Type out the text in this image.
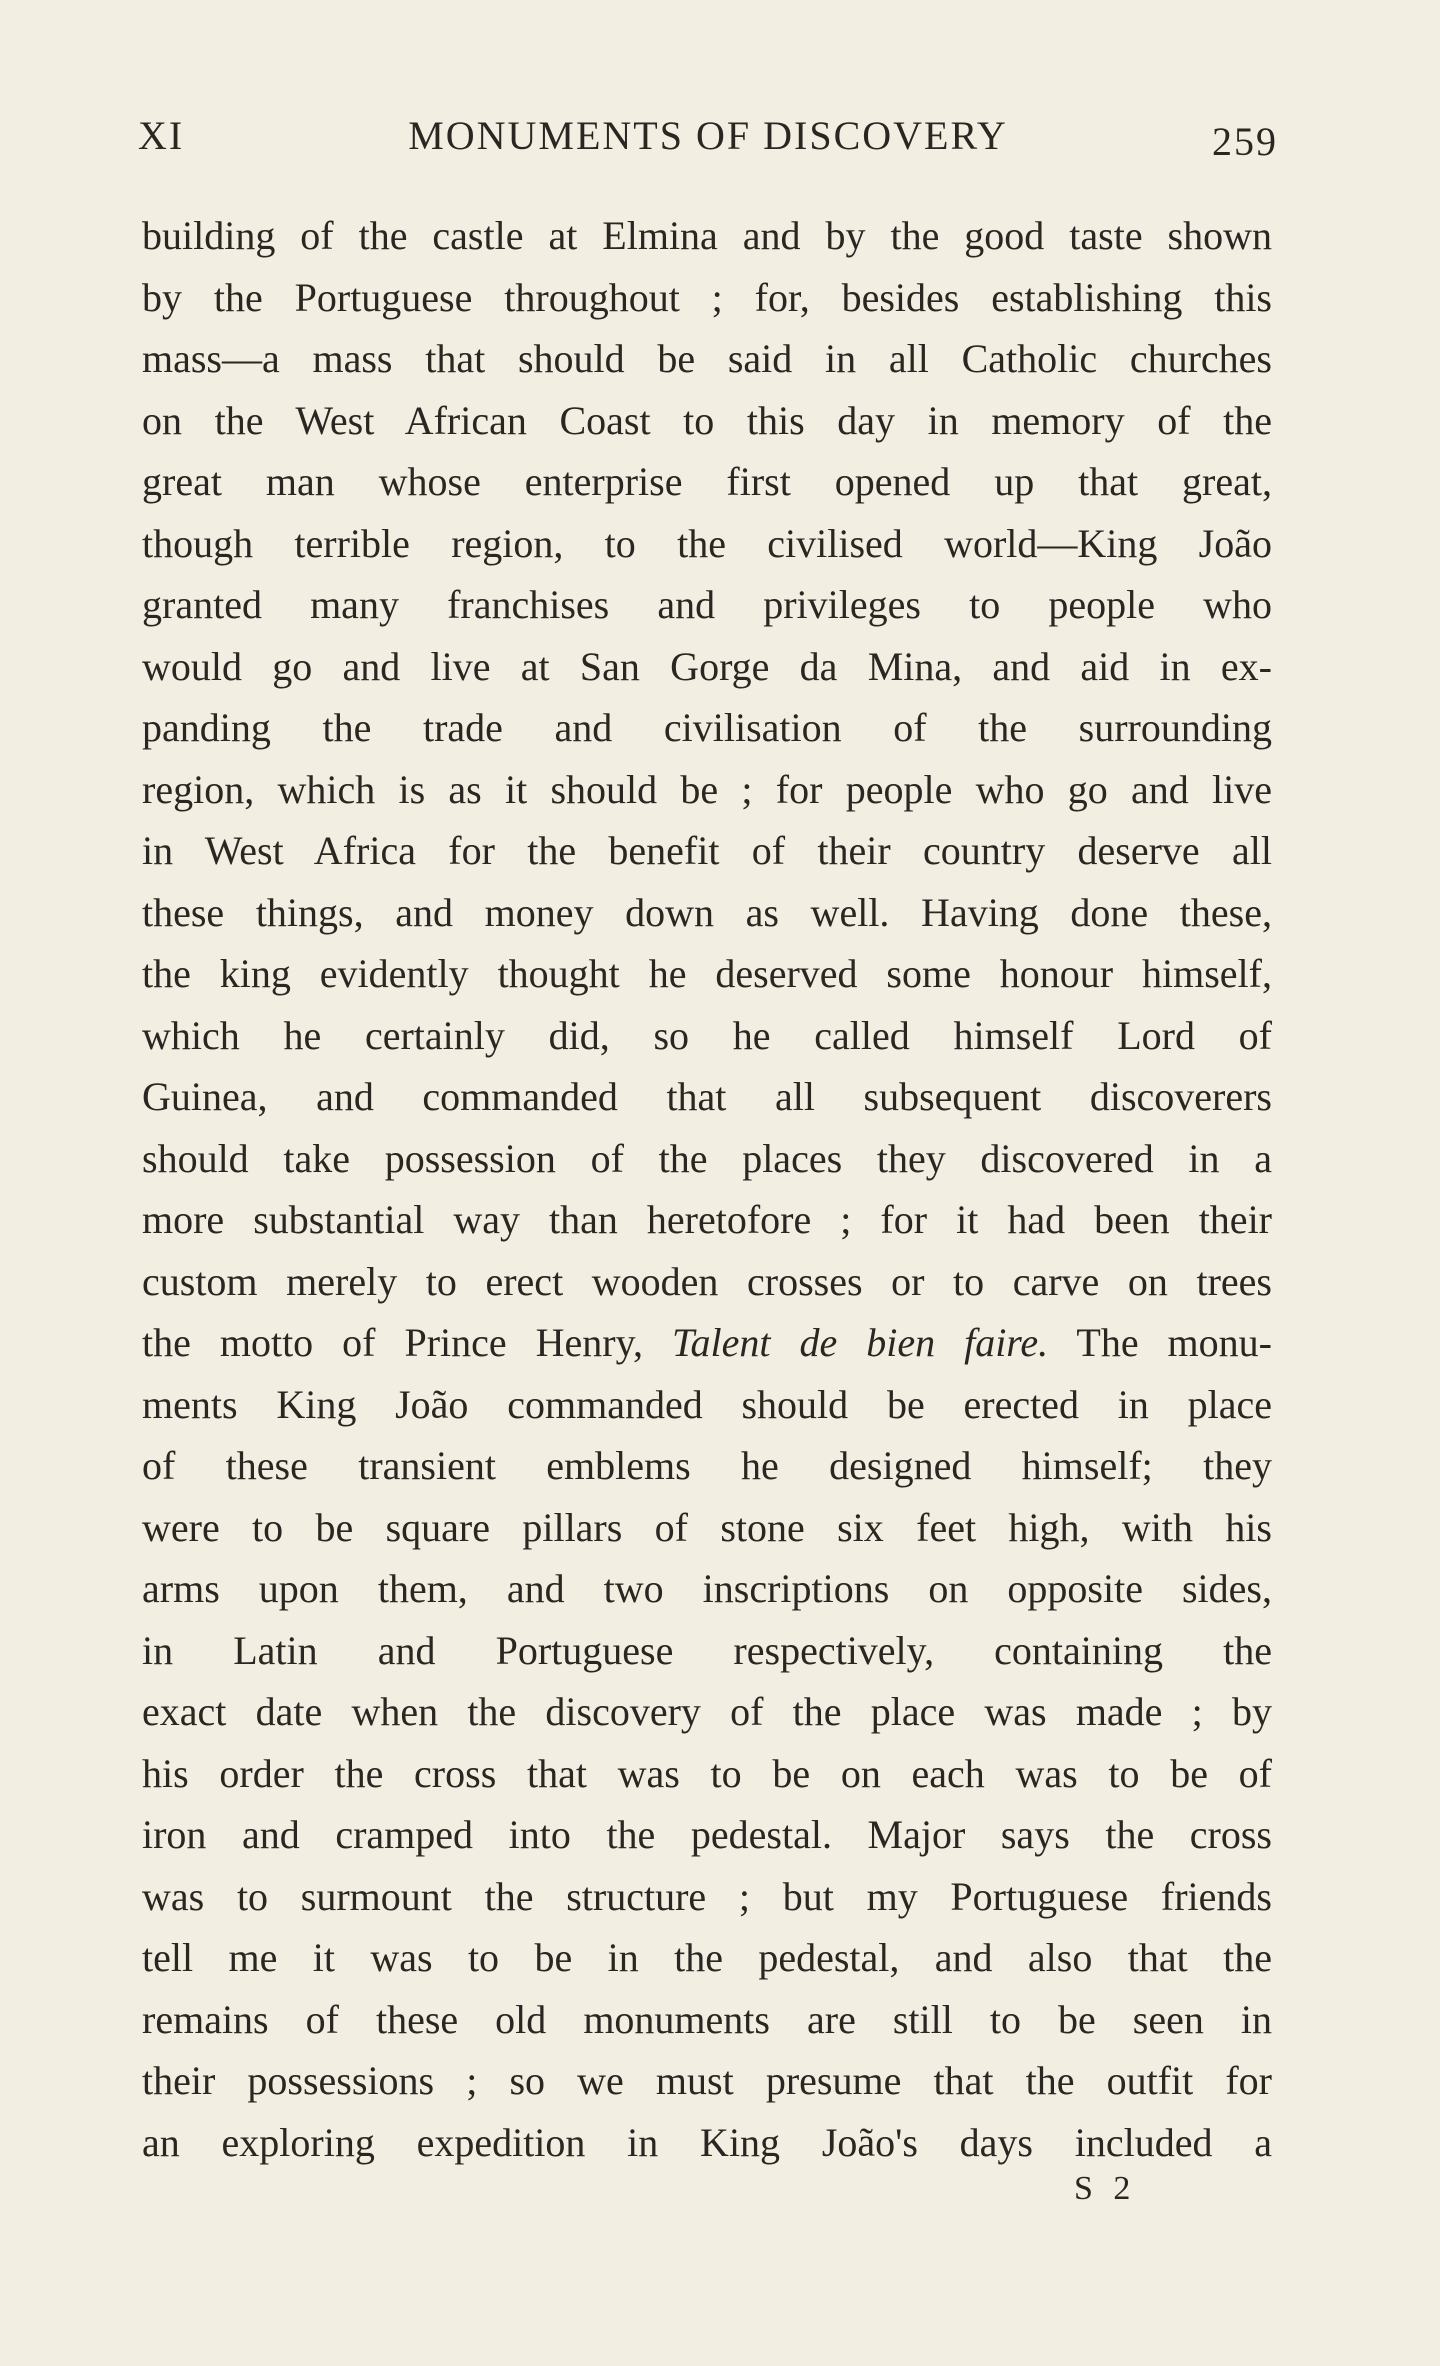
XI	MONUMENTS OF DISCOVERY	259
building of the castle at Elmina and by the good taste shown
by the Portuguese throughout ; for, besides establishing this
mass—a mass that should be said in all Catholic churches
on the West African Coast to this day in memory of the
great man whose enterprise first opened up that great,
though terrible region, to the civilised world—King João
granted many franchises and privileges to people who
would go and live at San Gorge da Mina, and aid in ex-
panding the trade and civilisation of the surrounding
region, which is as it should be ; for people who go and live
in West Africa for the benefit of their country deserve all
these things, and money down as well. Having done these,
the king evidently thought he deserved some honour himself,
which he certainly did, so he called himself Lord of
Guinea, and commanded that all subsequent discoverers
should take possession of the places they discovered in a
more substantial way than heretofore ; for it had been their
custom merely to erect wooden crosses or to carve on trees
the motto of Prince Henry, Talent de bien faire. The monu-
ments King João commanded should be erected in place
of these transient emblems he designed himself; they
were to be square pillars of stone six feet high, with his
arms upon them, and two inscriptions on opposite sides,
in Latin and Portuguese respectively, containing the
exact date when the discovery of the place was made ; by
his order the cross that was to be on each was to be of
iron and cramped into the pedestal. Major says the cross
was to surmount the structure ; but my Portuguese friends
tell me it was to be in the pedestal, and also that the
remains of these old monuments are still to be seen in
their possessions ; so we must presume that the outfit for
an exploring expedition in King João's days included a
S 2
